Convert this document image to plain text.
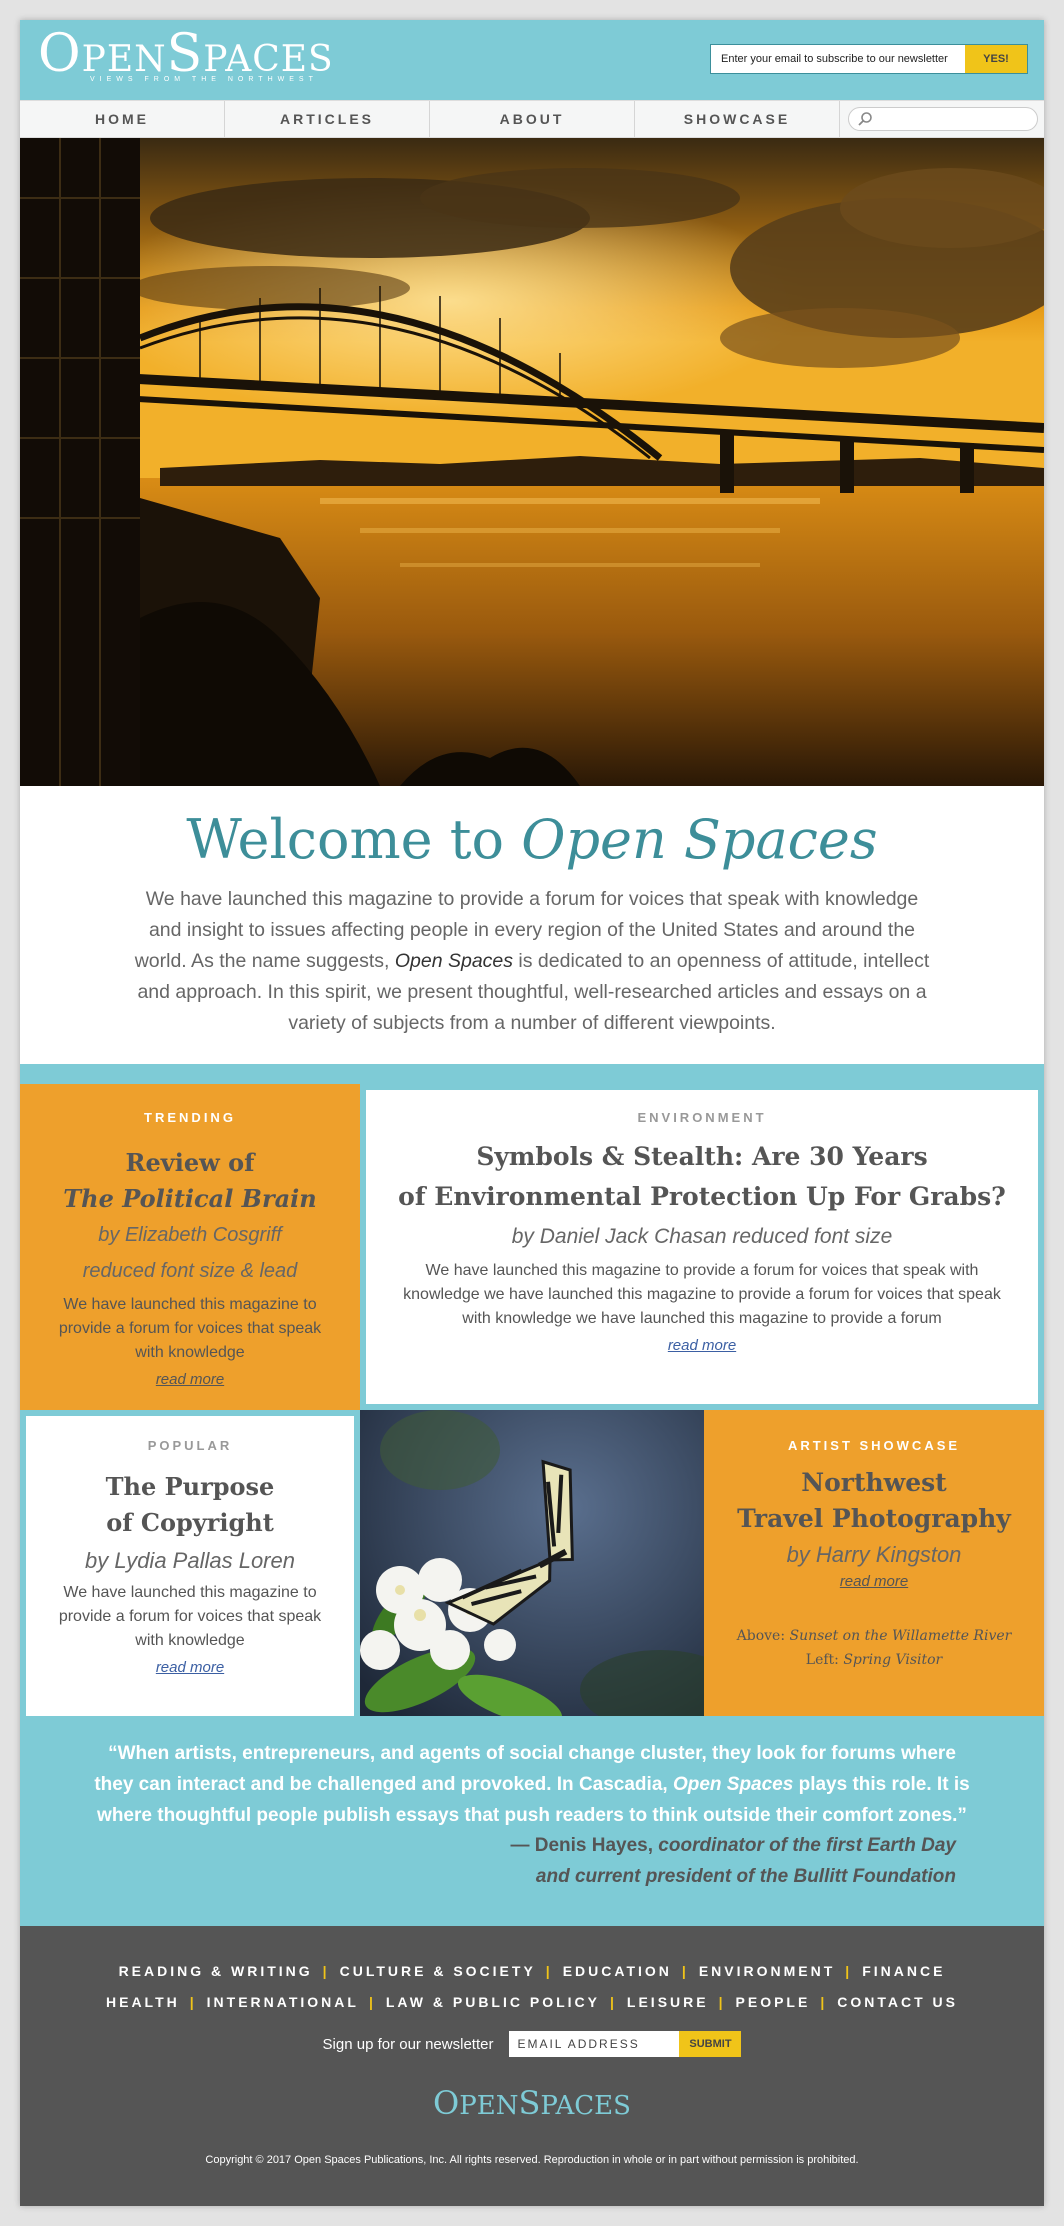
O PEN S PACES
VIEWS FROM THE NORTHWEST
Enter your email to subscribe to our newsletter	YES!
HOME	ARTICLES	ABOUT	SHOWCASE
Welcome to Open Spaces
We have launched this magazine to provide a forum for voices that speak with knowledge and insight to issues affecting people in every region of the United States and around the world. As the name suggests, Open Spaces is dedicated to an openness of attitude, intellect and approach. In this spirit, we present thoughtful, well-researched articles and essays on a variety of subjects from a number of different viewpoints.
TRENDING
Review of
The Political Brain
by Elizabeth Cosgriff
reduced font size & lead
We have launched this magazine to provide a forum for voices that speak with knowledge
read more
ENVIRONMENT
Symbols & Stealth: Are 30 Years
of Environmental Protection Up For Grabs?
by Daniel Jack Chasan reduced font size
We have launched this magazine to provide a forum for voices that speak with knowledge we have launched this magazine to provide a forum for voices that speak with knowledge we have launched this magazine to provide a forum
read more
POPULAR
The Purpose
of Copyright
by Lydia Pallas Loren
We have launched this magazine to provide a forum for voices that speak with knowledge
read more
ARTIST SHOWCASE
Northwest
Travel Photography
by Harry Kingston
read more
Above: Sunset on the Willamette River
Left: Spring Visitor
“When artists, entrepreneurs, and agents of social change cluster, they look for forums where they can interact and be challenged and provoked. In Cascadia, Open Spaces plays this role. It is where thoughtful people publish essays that push readers to think outside their comfort zones.”
— Denis Hayes, coordinator of the first Earth Day
and current president of the Bullitt Foundation
READING & WRITING | CULTURE & SOCIETY | EDUCATION | ENVIRONMENT | FINANCE
HEALTH | INTERNATIONAL | LAW & PUBLIC POLICY | LEISURE | PEOPLE | CONTACT US
Sign up for our newsletter	EMAIL ADDRESS	SUBMIT
OPENSPACES
Copyright © 2017 Open Spaces Publications, Inc. All rights reserved. Reproduction in whole or in part without permission is prohibited.
